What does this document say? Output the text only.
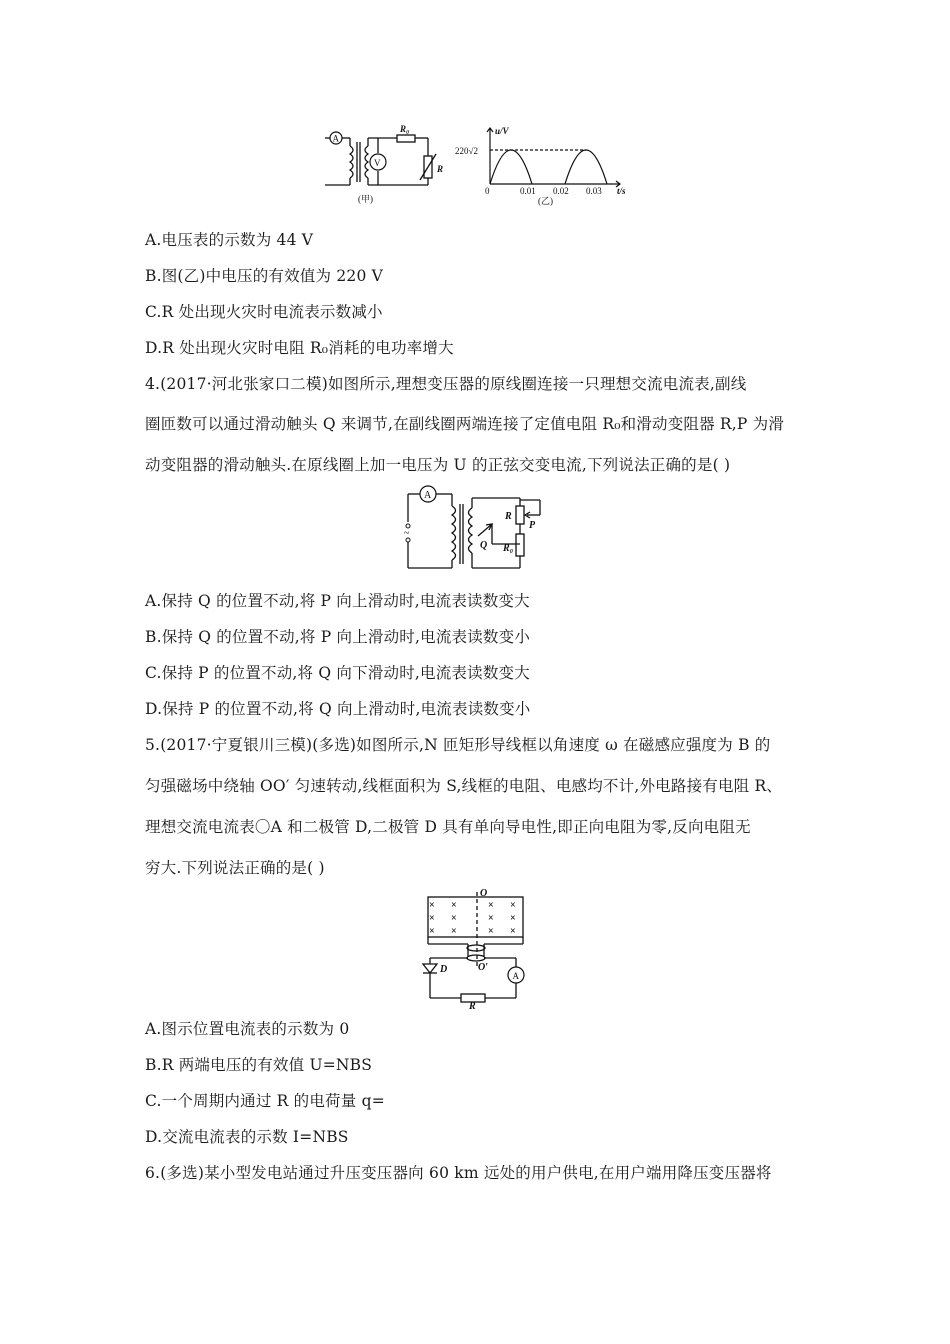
A
V
R₀
R
(甲)
u/V
220√2
0	0.01 0.02 0.03 t/s
(乙)
A.电压表的示数为 44 V
B.图(乙)中电压的有效值为 220 V
C.R 处出现火灾时电流表示数减小
D.R 处出现火灾时电阻 R₀消耗的电功率增大
4.(2017·河北张家口二模)如图所示,理想变压器的原线圈连接一只理想交流电流表,副线
圈匝数可以通过滑动触头 Q 来调节,在副线圈两端连接了定值电阻 R₀和滑动变阻器 R,P 为滑
动变阻器的滑动触头.在原线圈上加一电压为 U 的正弦交变电流,下列说法正确的是( )
A
~
R
P
Q R₀
A.保持 Q 的位置不动,将 P 向上滑动时,电流表读数变大
B.保持 Q 的位置不动,将 P 向上滑动时,电流表读数变小
C.保持 P 的位置不动,将 Q 向下滑动时,电流表读数变大
D.保持 P 的位置不动,将 Q 向上滑动时,电流表读数变小
5.(2017·宁夏银川三模)(多选)如图所示,N 匝矩形导线框以角速度 ω 在磁感应强度为 B 的
匀强磁场中绕轴 OO′ 匀速转动,线框面积为 S,线框的电阻、电感均不计,外电路接有电阻 R、
理想交流电流表〇A 和二极管 D,二极管 D 具有单向导电性,即正向电阻为零,反向电阻无
穷大.下列说法正确的是( )
× ×	× ×
× ×	× ×
× ×	× ×
O
O′
D
A
R
A.图示位置电流表的示数为 0
B.R 两端电压的有效值 U=NBS
C.一个周期内通过 R 的电荷量 q=
D.交流电流表的示数 I=NBS
6.(多选)某小型发电站通过升压变压器向 60 km 远处的用户供电,在用户端用降压变压器将
